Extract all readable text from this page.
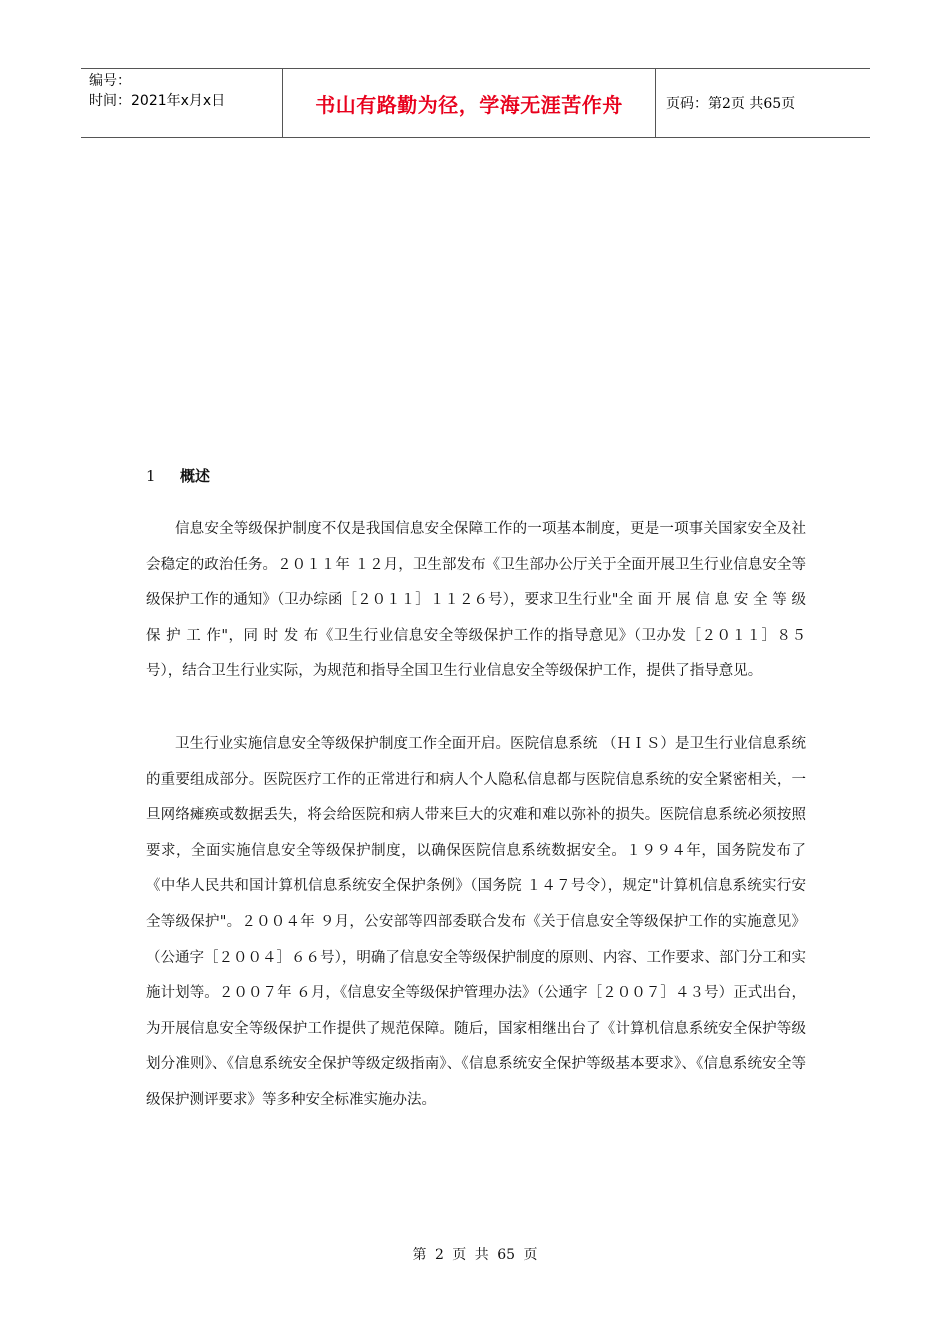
编号：
时间：2021年x月x日	书山有路勤为径，学海无涯苦作舟	页码：第2页 共65页
1	概述

信息安全等级保护制度不仅是我国信息安全保障工作的一项基本制度，更是一项事关国家安全及社会稳定的政治任务。２０１１年 １２月，卫生部发布《卫生部办公厅关于全面开展卫生行业信息安全等级保护工作的通知》（卫办综函［２０１１］１１２６号），要求卫生行业"全 面 开 展 信 息 安 全 等 级 保 护 工 作"，同 时 发 布《卫生行业信息安全等级保护工作的指导意见》（卫办发［２０１１］８５号），结合卫生行业实际，为规范和指导全国卫生行业信息安全等级保护工作，提供了指导意见。

卫生行业实施信息安全等级保护制度工作全面开启。医院信息系统 （ＨＩＳ）是卫生行业信息系统的重要组成部分。医院医疗工作的正常进行和病人个人隐私信息都与医院信息系统的安全紧密相关，一旦网络瘫痪或数据丢失，将会给医院和病人带来巨大的灾难和难以弥补的损失。医院信息系统必须按照要求，全面实施信息安全等级保护制度，以确保医院信息系统数据安全。１９９４年，国务院发布了《中华人民共和国计算机信息系统安全保护条例》（国务院 １４７号令），规定"计算机信息系统实行安全等级保护"。２００４年 ９月，公安部等四部委联合发布《关于信息安全等级保护工作的实施意见》（公通字［２００４］６６号），明确了信息安全等级保护制度的原则、内容、工作要求、部门分工和实施计划等。２００７年 ６月，《信息安全等级保护管理办法》（公通字［２００７］４３号）正式出台，为开展信息安全等级保护工作提供了规范保障。随后，国家相继出台了《计算机信息系统安全保护等级划分准则》、《信息系统安全保护等级定级指南》、《信息系统安全保护等级基本要求》、《信息系统安全等级保护测评要求》等多种安全标准实施办法。

第 2 页 共 65 页
